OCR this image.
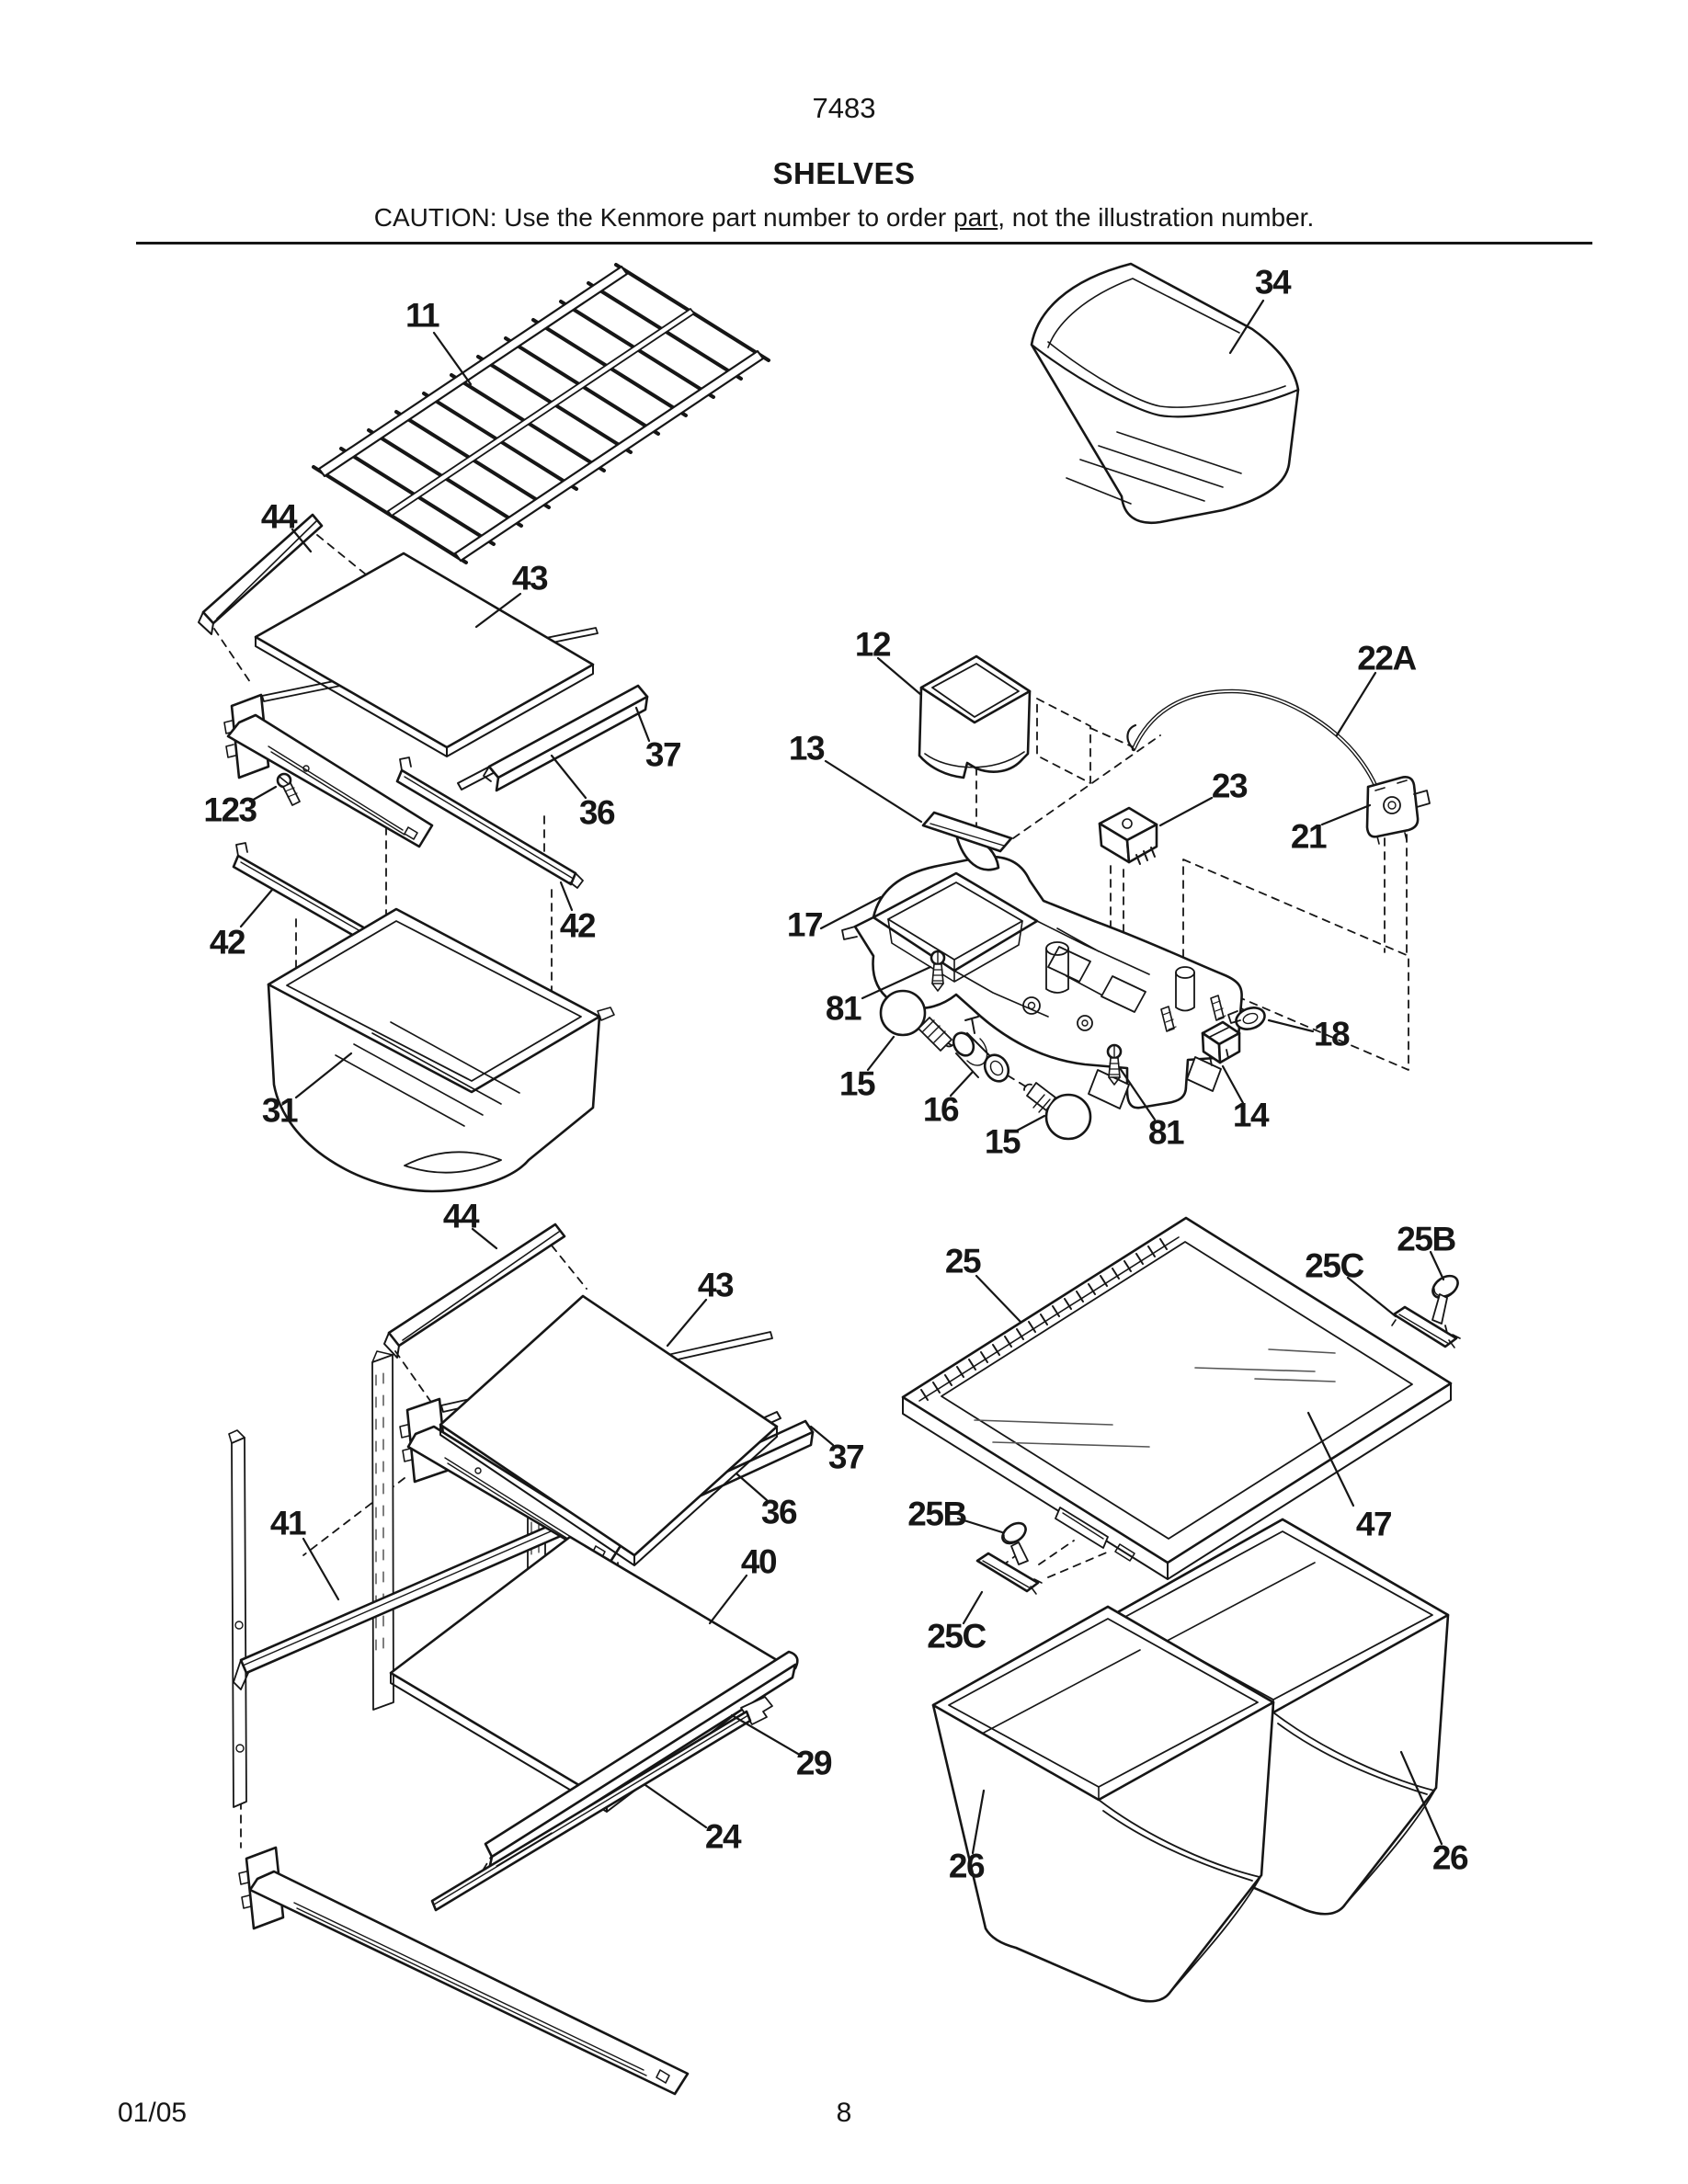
7483
SHELVES
CAUTION: Use the Kenmore part number to order part, not the illustration number.
11
34
44
43
37
36
123
42	42
31
12
13
22A
23
21
17
81
15
16
15	81 14
18
44
43
37
36
41
40
29
24
25	25C
25B
25B
25C
47
26	26
01/05	8
